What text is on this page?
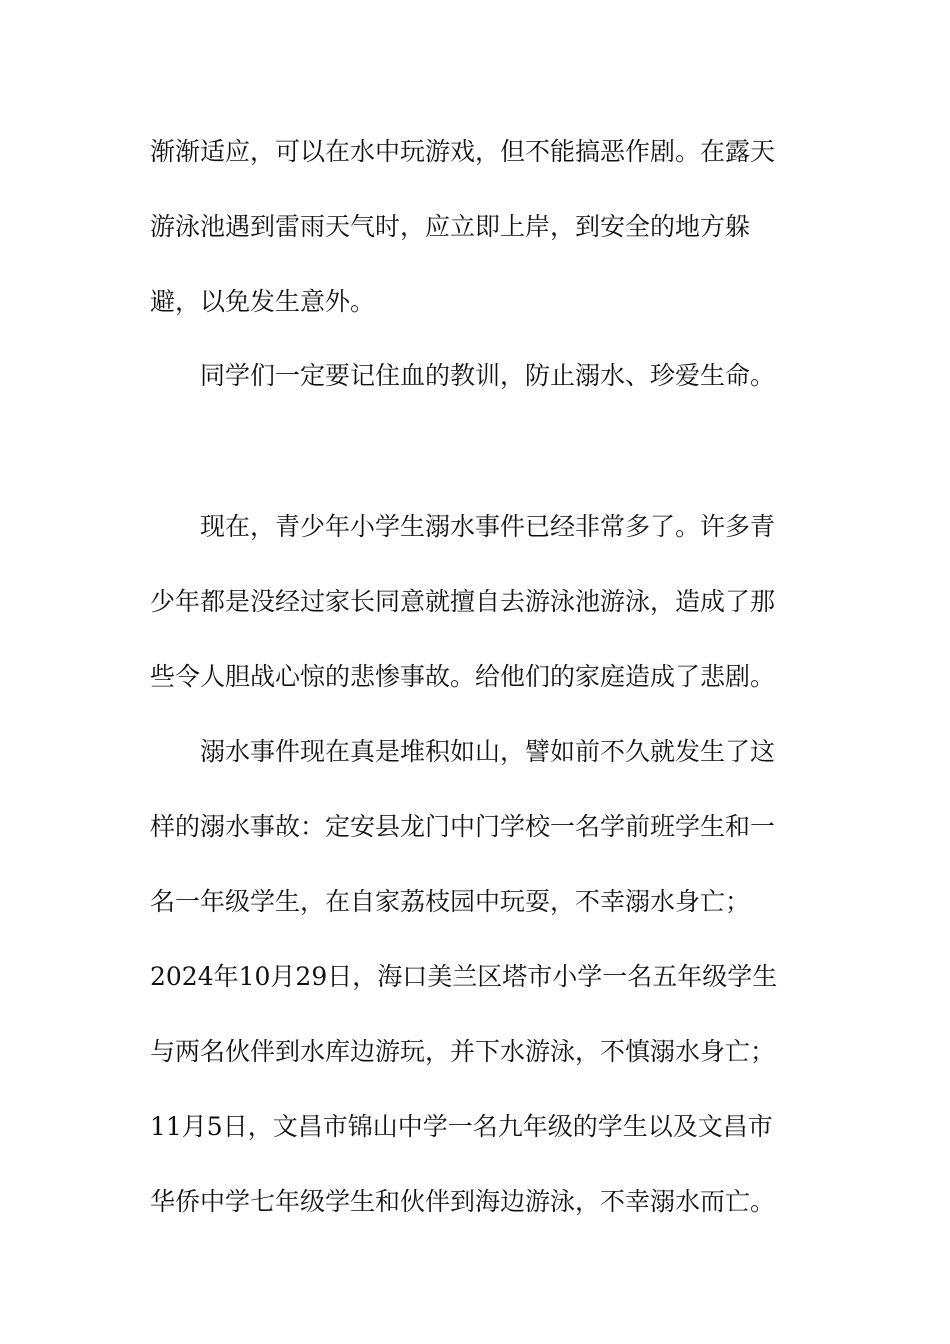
渐渐适应，可以在水中玩游戏，但不能搞恶作剧。在露天
游泳池遇到雷雨天气时，应立即上岸，到安全的地方躲
避，以免发生意外。
同学们一定要记住血的教训，防止溺水、珍爱生命。
现在，青少年小学生溺水事件已经非常多了。许多青
少年都是没经过家长同意就擅自去游泳池游泳，造成了那
些令人胆战心惊的悲惨事故。给他们的家庭造成了悲剧。
溺水事件现在真是堆积如山，譬如前不久就发生了这
样的溺水事故：定安县龙门中门学校一名学前班学生和一
名一年级学生，在自家荔枝园中玩耍，不幸溺水身亡；
2024年10月29日，海口美兰区塔市小学一名五年级学生
与两名伙伴到水库边游玩，并下水游泳，不慎溺水身亡；
11月5日，文昌市锦山中学一名九年级的学生以及文昌市
华侨中学七年级学生和伙伴到海边游泳，不幸溺水而亡。
